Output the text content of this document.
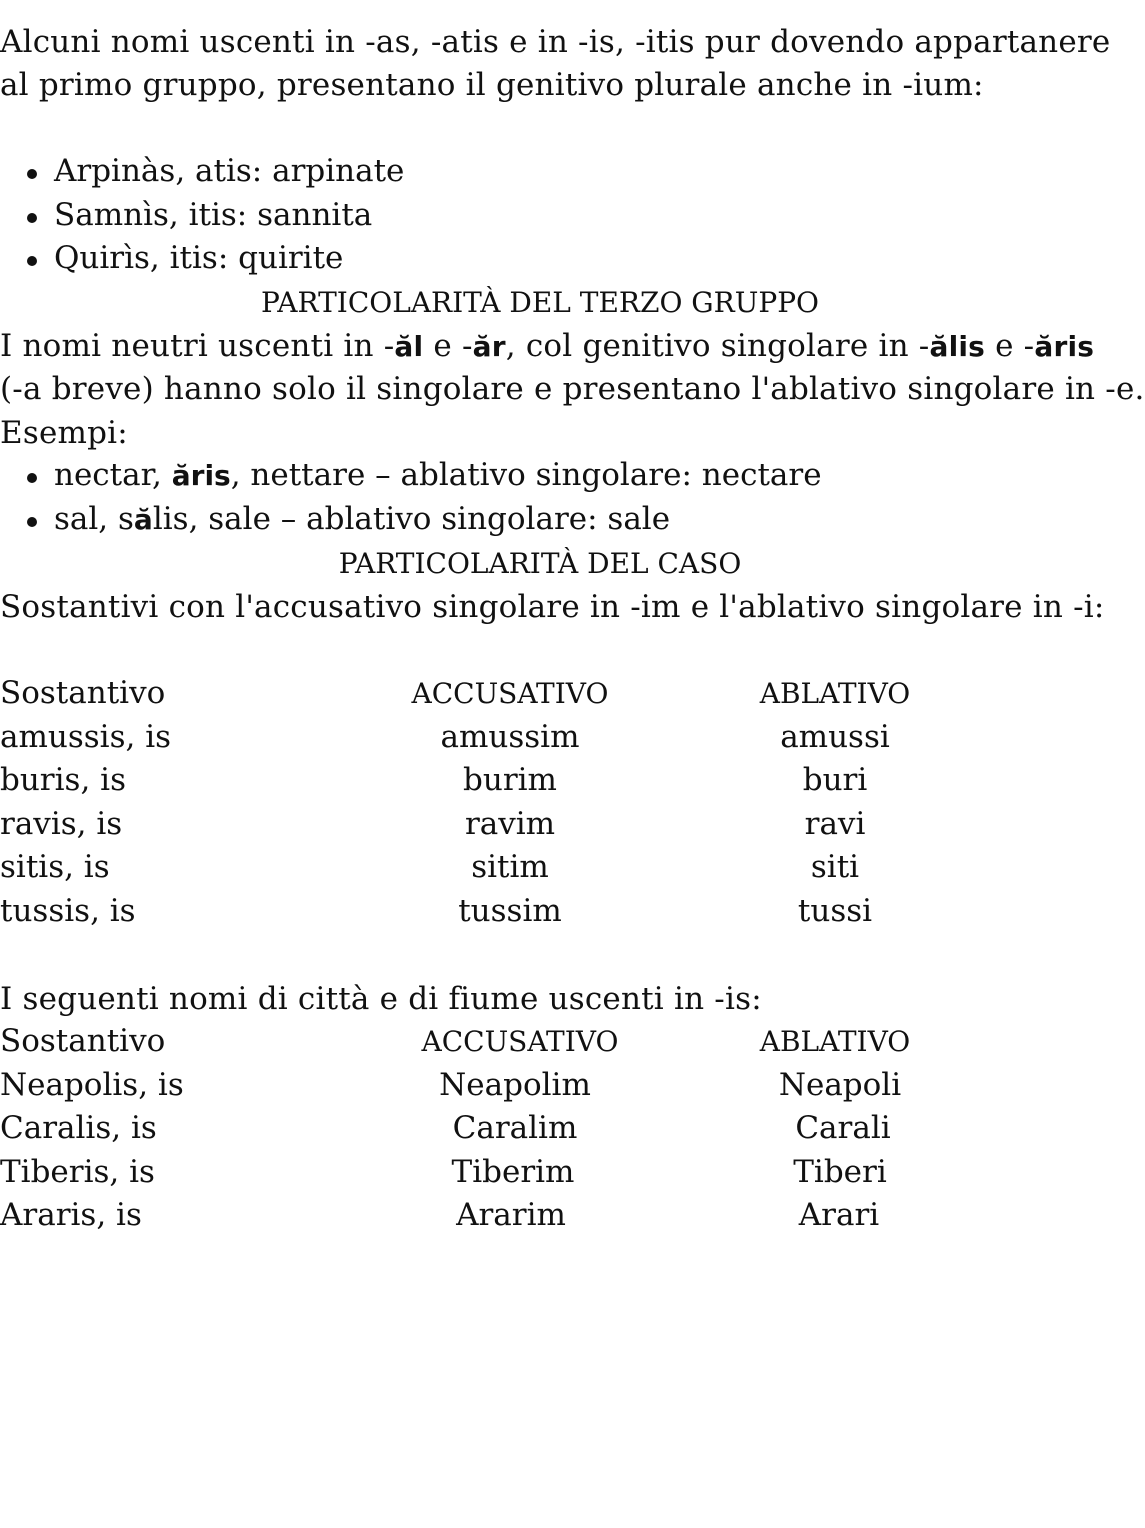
Alcuni nomi uscenti in -as, -atis e in -is, -itis pur dovendo appartanere
al primo gruppo, presentano il genitivo plurale anche in -ium:
Arpinàs, atis: arpinate
Samnìs, itis: sannita
Quirìs, itis: quirite
PARTICOLARITÀ DEL TERZO GRUPPO
I nomi neutri uscenti in -ăl e -ăr, col genitivo singolare in -ălis e -ăris
(-a breve) hanno solo il singolare e presentano l'ablativo singolare in -e.
Esempi:
nectar, ăris, nettare – ablativo singolare: nectare
sal, sălis, sale – ablativo singolare: sale
PARTICOLARITÀ DEL CASO
Sostantivi con l'accusativo singolare in -im e l'ablativo singolare in -i:
Sostantivo	ACCUSATIVO	ABLATIVO
amussis, is	amussim	amussi
buris, is	burim	buri
ravis, is	ravim	ravi
sitis, is	sitim	siti
tussis, is	tussim	tussi
I seguenti nomi di città e di fiume uscenti in -is:
Sostantivo	ACCUSATIVO	ABLATIVO
Neapolis, is	Neapolim	Neapoli
Caralis, is	Caralim	Carali
Tiberis, is	Tiberim	Tiberi
Araris, is	Ararim	Arari
